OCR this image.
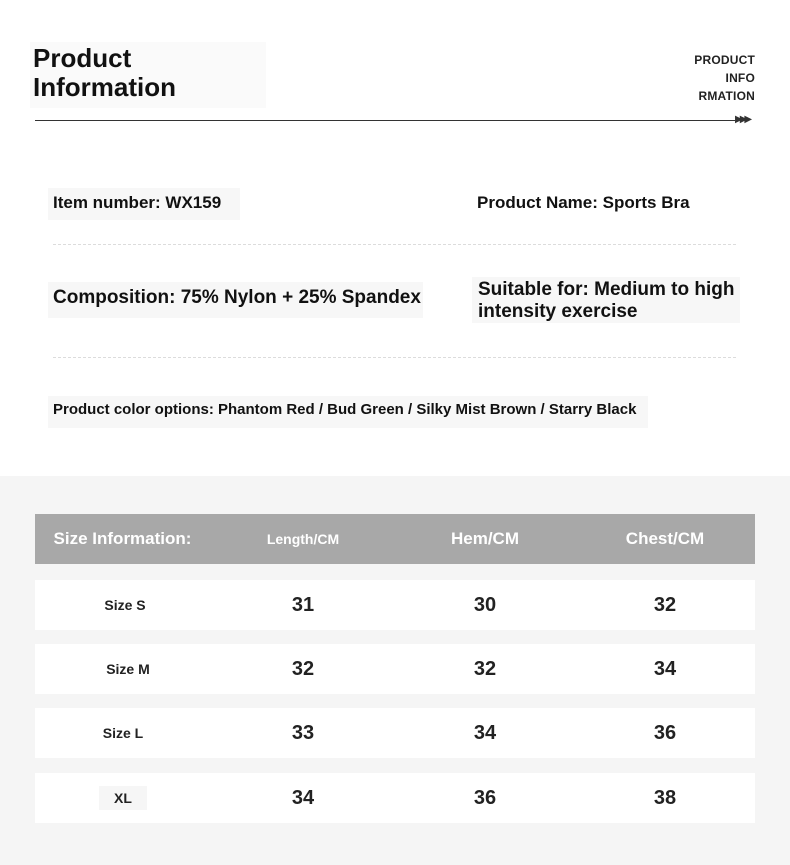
Product
Information
PRODUCT
INFO
RMATION
▶▶▶
Item number: WX159	Product Name: Sports Bra
Composition: 75% Nylon + 25% Spandex	Suitable for: Medium to high
intensity exercise
Product color options: Phantom Red / Bud Green / Silky Mist Brown / Starry Black
Size Information:	Length/CM	Hem/CM	Chest/CM
Size S	31	30	32
Size M	32	32	34
Size L	33	34	36
XL	34	36	38
